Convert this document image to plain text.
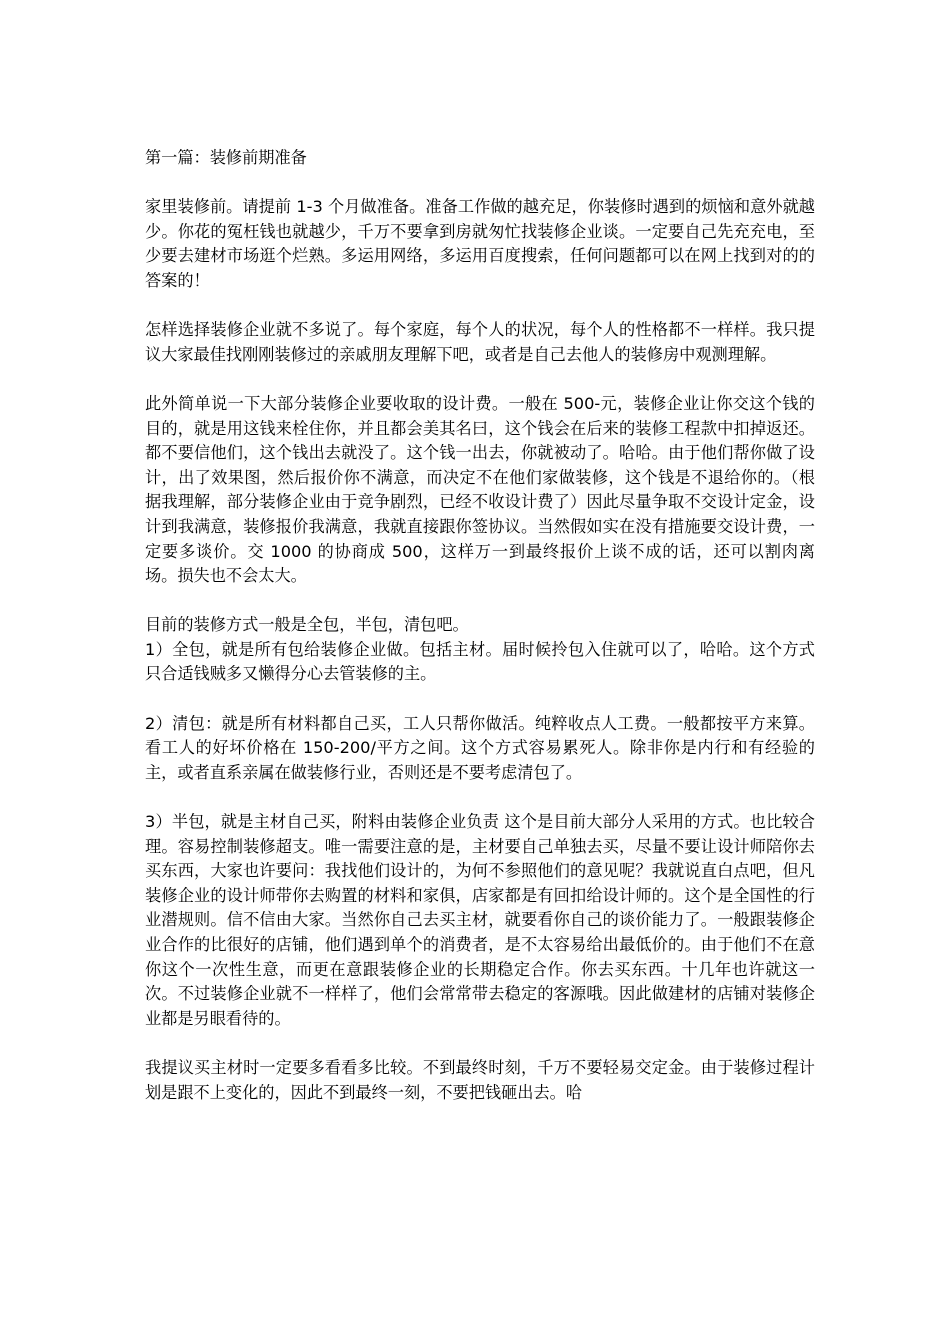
第一篇：装修前期准备
家里装修前。请提前 1-3 个月做准备。准备工作做的越充足，你装修时遇到的烦恼和意外就越少。你花的冤枉钱也就越少，千万不要拿到房就匆忙找装修企业谈。一定要自己先充充电，至少要去建材市场逛个烂熟。多运用网络，多运用百度搜索，任何问题都可以在网上找到对的的答案的！
怎样选择装修企业就不多说了。每个家庭，每个人的状况，每个人的性格都不一样样。我只提议大家最佳找刚刚装修过的亲戚朋友理解下吧，或者是自己去他人的装修房中观测理解。
此外简单说一下大部分装修企业要收取的设计费。一般在 500-元，装修企业让你交这个钱的目的，就是用这钱来栓住你，并且都会美其名曰，这个钱会在后来的装修工程款中扣掉返还。都不要信他们，这个钱出去就没了。这个钱一出去，你就被动了。哈哈。由于他们帮你做了设计，出了效果图，然后报价你不满意，而决定不在他们家做装修，这个钱是不退给你的。（根据我理解，部分装修企业由于竞争剧烈，已经不收设计费了）因此尽量争取不交设计定金，设计到我满意，装修报价我满意，我就直接跟你签协议。当然假如实在没有措施要交设计费，一定要多谈价。交 1000 的协商成 500，这样万一到最终报价上谈不成的话，还可以割肉离场。损失也不会太大。
目前的装修方式一般是全包，半包，清包吧。
1）全包，就是所有包给装修企业做。包括主材。届时候拎包入住就可以了，哈哈。这个方式只合适钱贼多又懒得分心去管装修的主。
2）清包：就是所有材料都自己买，工人只帮你做活。纯粹收点人工费。一般都按平方来算。看工人的好坏价格在 150-200/平方之间。这个方式容易累死人。除非你是内行和有经验的主，或者直系亲属在做装修行业，否则还是不要考虑清包了。
3）半包，就是主材自己买，附料由装修企业负责 这个是目前大部分人采用的方式。也比较合理。容易控制装修超支。唯一需要注意的是，主材要自己单独去买，尽量不要让设计师陪你去买东西，大家也许要问：我找他们设计的，为何不参照他们的意见呢？我就说直白点吧，但凡装修企业的设计师带你去购置的材料和家俱，店家都是有回扣给设计师的。这个是全国性的行业潜规则。信不信由大家。当然你自己去买主材，就要看你自己的谈价能力了。一般跟装修企业合作的比很好的店铺，他们遇到单个的消费者，是不太容易给出最低价的。由于他们不在意你这个一次性生意，而更在意跟装修企业的长期稳定合作。你去买东西。十几年也许就这一次。不过装修企业就不一样样了，他们会常常带去稳定的客源哦。因此做建材的店铺对装修企业都是另眼看待的。
我提议买主材时一定要多看看多比较。不到最终时刻，千万不要轻易交定金。由于装修过程计划是跟不上变化的，因此不到最终一刻，不要把钱砸出去。哈
